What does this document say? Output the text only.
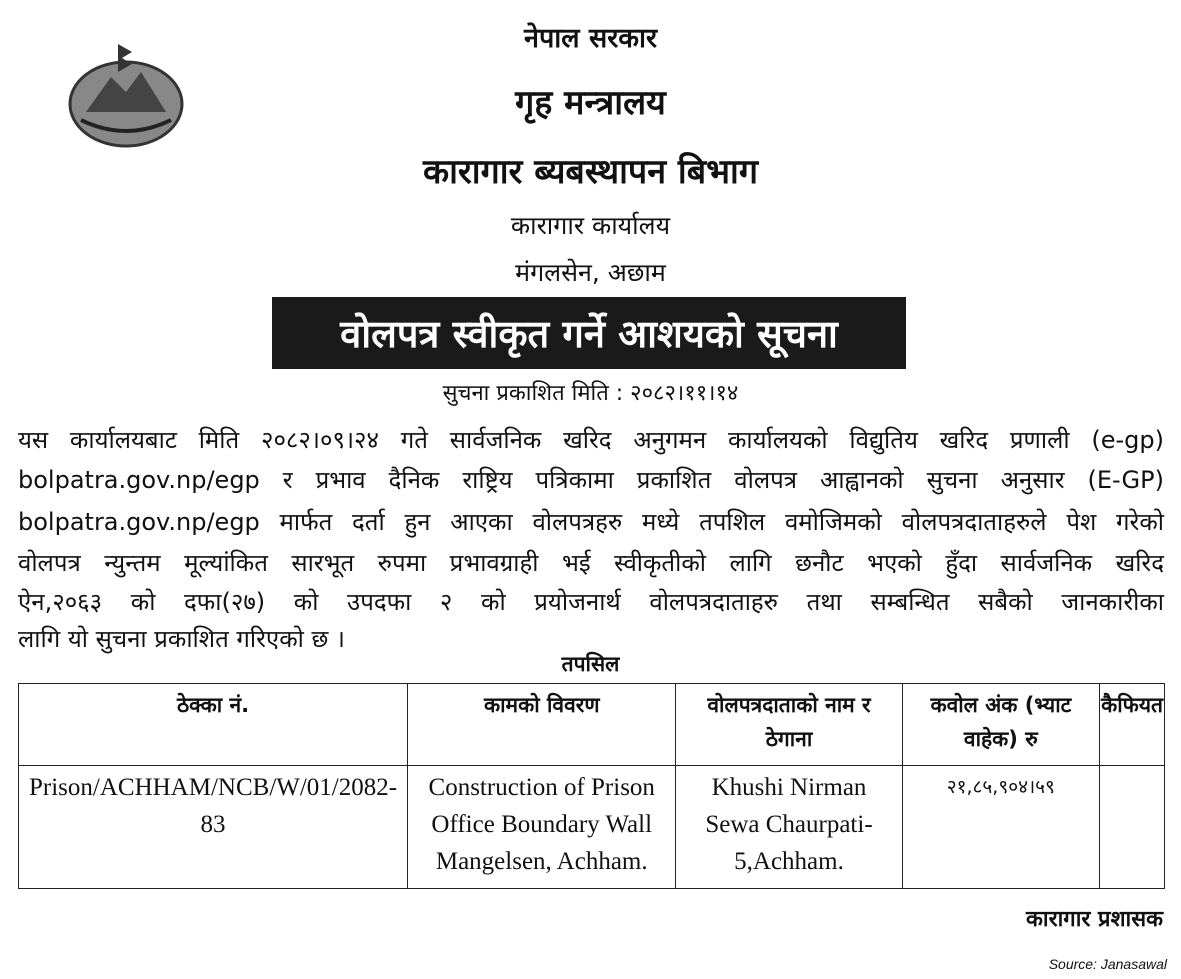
नेपाल सरकार
गृह मन्त्रालय
कारागार ब्यबस्थापन बिभाग
कारागार कार्यालय
मंगलसेन, अछाम
वोलपत्र स्वीकृत गर्ने आशयको सूचना
सुचना प्रकाशित मिति : २०८२।११।१४
यस कार्यालयबाट मिति २०८२।०९।२४ गते सार्वजनिक खरिद अनुगमन कार्यालयको विद्युतिय खरिद प्रणाली (e-gp)
bolpatra.gov.np/egp र प्रभाव दैनिक राष्ट्रिय पत्रिकामा प्रकाशित वोलपत्र आह्वानको सुचना अनुसार (E-GP)
bolpatra.gov.np/egp मार्फत दर्ता हुन आएका वोलपत्रहरु मध्ये तपशिल वमोजिमको वोलपत्रदाताहरुले पेश गरेको
वोलपत्र न्युन्तम मूल्यांकित सारभूत रुपमा प्रभावग्राही भई स्वीकृतीको लागि छनौट भएको हुँदा सार्वजनिक खरिद
ऐन,२०६३ को दफा(२७) को उपदफा २ को प्रयोजनार्थ वोलपत्रदाताहरु तथा सम्बन्धित सबैको जानकारीका
लागि यो सुचना प्रकाशित गरिएको छ ।
तपसिल
ठेक्का नं.	कामको विवरण	वोलपत्रदाताको नाम र ठेगाना	कवोल अंक (भ्याट वाहेक) रु	कैफियत
Prison/ACHHAM/NCB/W/01/2082-83	Construction of Prison Office Boundary Wall Mangelsen, Achham.	Khushi Nirman Sewa Chaurpati-5,Achham.	२१,८५,९०४।५९	
कारागार प्रशासक
Source: Janasawal
